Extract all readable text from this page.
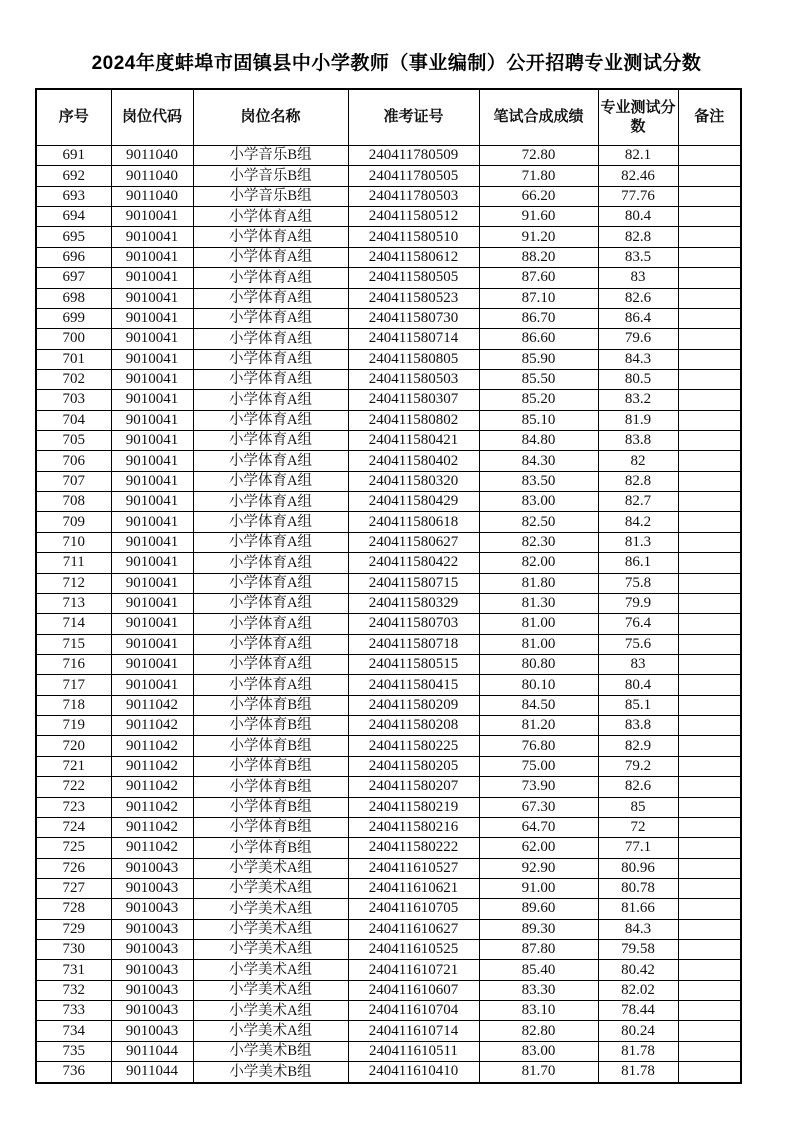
2024年度蚌埠市固镇县中小学教师（事业编制）公开招聘专业测试分数
序号	岗位代码	岗位名称	准考证号	笔试合成成绩	专业测试分数	备注
691	9011040	小学音乐B组	240411780509	72.80	82.1	
692	9011040	小学音乐B组	240411780505	71.80	82.46	
693	9011040	小学音乐B组	240411780503	66.20	77.76	
694	9010041	小学体育A组	240411580512	91.60	80.4	
695	9010041	小学体育A组	240411580510	91.20	82.8	
696	9010041	小学体育A组	240411580612	88.20	83.5	
697	9010041	小学体育A组	240411580505	87.60	83	
698	9010041	小学体育A组	240411580523	87.10	82.6	
699	9010041	小学体育A组	240411580730	86.70	86.4	
700	9010041	小学体育A组	240411580714	86.60	79.6	
701	9010041	小学体育A组	240411580805	85.90	84.3	
702	9010041	小学体育A组	240411580503	85.50	80.5	
703	9010041	小学体育A组	240411580307	85.20	83.2	
704	9010041	小学体育A组	240411580802	85.10	81.9	
705	9010041	小学体育A组	240411580421	84.80	83.8	
706	9010041	小学体育A组	240411580402	84.30	82	
707	9010041	小学体育A组	240411580320	83.50	82.8	
708	9010041	小学体育A组	240411580429	83.00	82.7	
709	9010041	小学体育A组	240411580618	82.50	84.2	
710	9010041	小学体育A组	240411580627	82.30	81.3	
711	9010041	小学体育A组	240411580422	82.00	86.1	
712	9010041	小学体育A组	240411580715	81.80	75.8	
713	9010041	小学体育A组	240411580329	81.30	79.9	
714	9010041	小学体育A组	240411580703	81.00	76.4	
715	9010041	小学体育A组	240411580718	81.00	75.6	
716	9010041	小学体育A组	240411580515	80.80	83	
717	9010041	小学体育A组	240411580415	80.10	80.4	
718	9011042	小学体育B组	240411580209	84.50	85.1	
719	9011042	小学体育B组	240411580208	81.20	83.8	
720	9011042	小学体育B组	240411580225	76.80	82.9	
721	9011042	小学体育B组	240411580205	75.00	79.2	
722	9011042	小学体育B组	240411580207	73.90	82.6	
723	9011042	小学体育B组	240411580219	67.30	85	
724	9011042	小学体育B组	240411580216	64.70	72	
725	9011042	小学体育B组	240411580222	62.00	77.1	
726	9010043	小学美术A组	240411610527	92.90	80.96	
727	9010043	小学美术A组	240411610621	91.00	80.78	
728	9010043	小学美术A组	240411610705	89.60	81.66	
729	9010043	小学美术A组	240411610627	89.30	84.3	
730	9010043	小学美术A组	240411610525	87.80	79.58	
731	9010043	小学美术A组	240411610721	85.40	80.42	
732	9010043	小学美术A组	240411610607	83.30	82.02	
733	9010043	小学美术A组	240411610704	83.10	78.44	
734	9010043	小学美术A组	240411610714	82.80	80.24	
735	9011044	小学美术B组	240411610511	83.00	81.78	
736	9011044	小学美术B组	240411610410	81.70	81.78	
